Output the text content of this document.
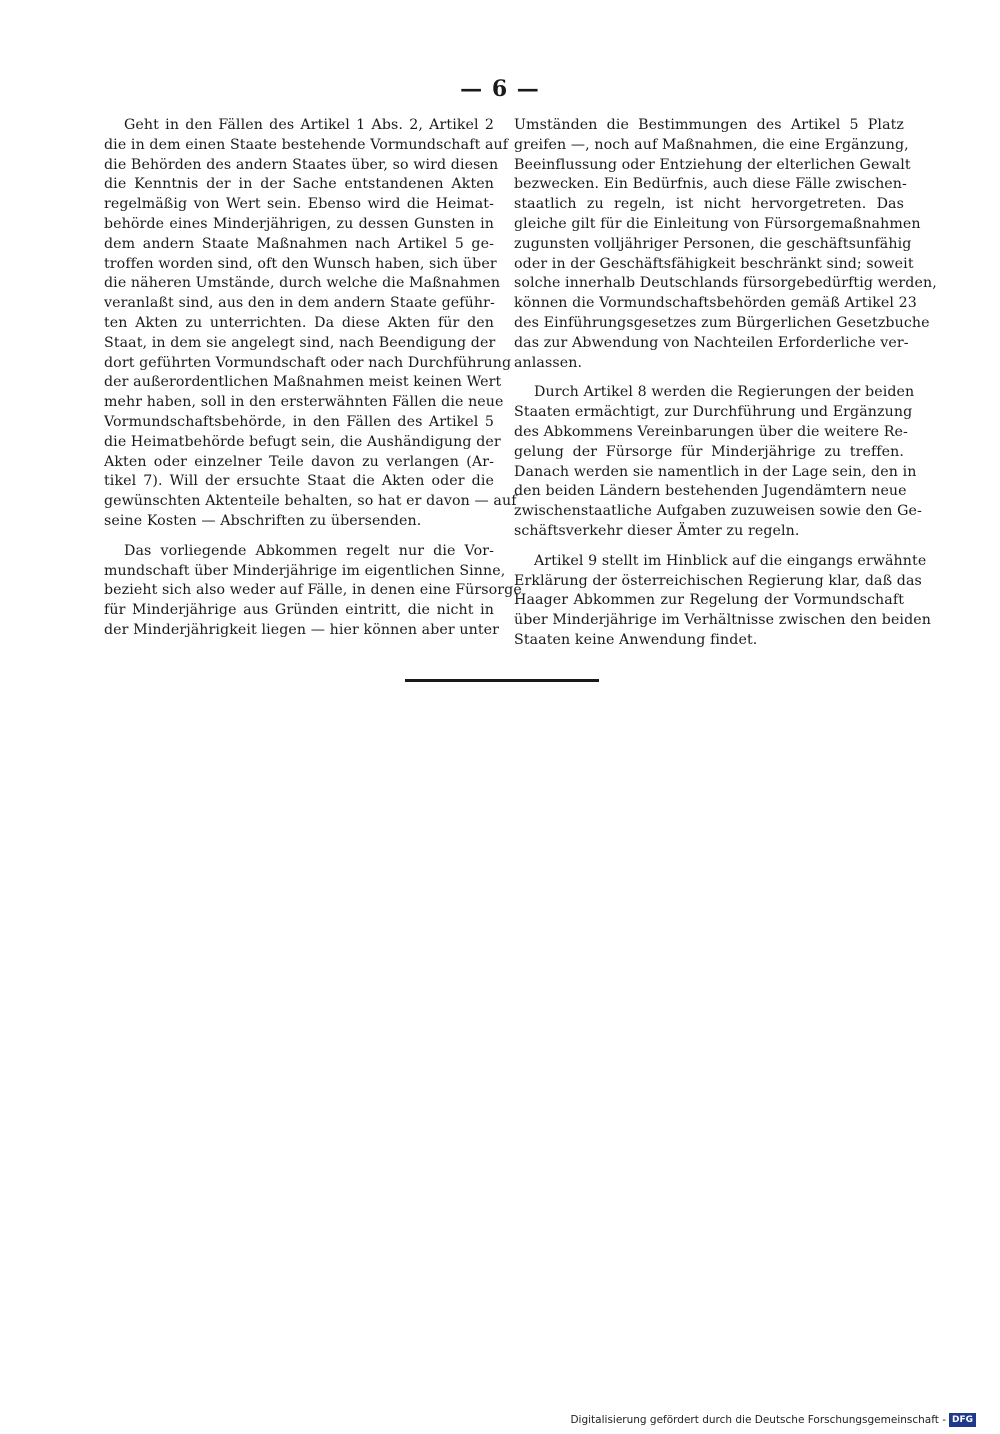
— 6 —
Geht in den Fällen des Artikel 1 Abs. 2, Artikel 2
die in dem einen Staate bestehende Vormundschaft auf
die Behörden des andern Staates über, so wird diesen
die Kenntnis der in der Sache entstandenen Akten
regelmäßig von Wert sein. Ebenso wird die Heimat-
behörde eines Minderjährigen, zu dessen Gunsten in
dem andern Staate Maßnahmen nach Artikel 5 ge-
troffen worden sind, oft den Wunsch haben, sich über
die näheren Umstände, durch welche die Maßnahmen
veranlaßt sind, aus den in dem andern Staate geführ-
ten Akten zu unterrichten. Da diese Akten für den
Staat, in dem sie angelegt sind, nach Beendigung der
dort geführten Vormundschaft oder nach Durchführung
der außerordentlichen Maßnahmen meist keinen Wert
mehr haben, soll in den ersterwähnten Fällen die neue
Vormundschaftsbehörde, in den Fällen des Artikel 5
die Heimatbehörde befugt sein, die Aushändigung der
Akten oder einzelner Teile davon zu verlangen (Ar-
tikel 7). Will der ersuchte Staat die Akten oder die
gewünschten Aktenteile behalten, so hat er davon — auf
seine Kosten — Abschriften zu übersenden.
Das vorliegende Abkommen regelt nur die Vor-
mundschaft über Minderjährige im eigentlichen Sinne,
bezieht sich also weder auf Fälle, in denen eine Fürsorge
für Minderjährige aus Gründen eintritt, die nicht in
der Minderjährigkeit liegen — hier können aber unter
Umständen die Bestimmungen des Artikel 5 Platz
greifen —, noch auf Maßnahmen, die eine Ergänzung,
Beeinflussung oder Entziehung der elterlichen Gewalt
bezwecken. Ein Bedürfnis, auch diese Fälle zwischen-
staatlich zu regeln, ist nicht hervorgetreten. Das
gleiche gilt für die Einleitung von Fürsorgemaßnahmen
zugunsten volljähriger Personen, die geschäftsunfähig
oder in der Geschäftsfähigkeit beschränkt sind; soweit
solche innerhalb Deutschlands fürsorgebedürftig werden,
können die Vormundschaftsbehörden gemäß Artikel 23
des Einführungsgesetzes zum Bürgerlichen Gesetzbuche
das zur Abwendung von Nachteilen Erforderliche ver-
anlassen.
Durch Artikel 8 werden die Regierungen der beiden
Staaten ermächtigt, zur Durchführung und Ergänzung
des Abkommens Vereinbarungen über die weitere Re-
gelung der Fürsorge für Minderjährige zu treffen.
Danach werden sie namentlich in der Lage sein, den in
den beiden Ländern bestehenden Jugendämtern neue
zwischenstaatliche Aufgaben zuzuweisen sowie den Ge-
schäftsverkehr dieser Ämter zu regeln.
Artikel 9 stellt im Hinblick auf die eingangs erwähnte
Erklärung der österreichischen Regierung klar, daß das
Haager Abkommen zur Regelung der Vormundschaft
über Minderjährige im Verhältnisse zwischen den beiden
Staaten keine Anwendung findet.
Digitalisierung gefördert durch die Deutsche Forschungsgemeinschaft - DFG
